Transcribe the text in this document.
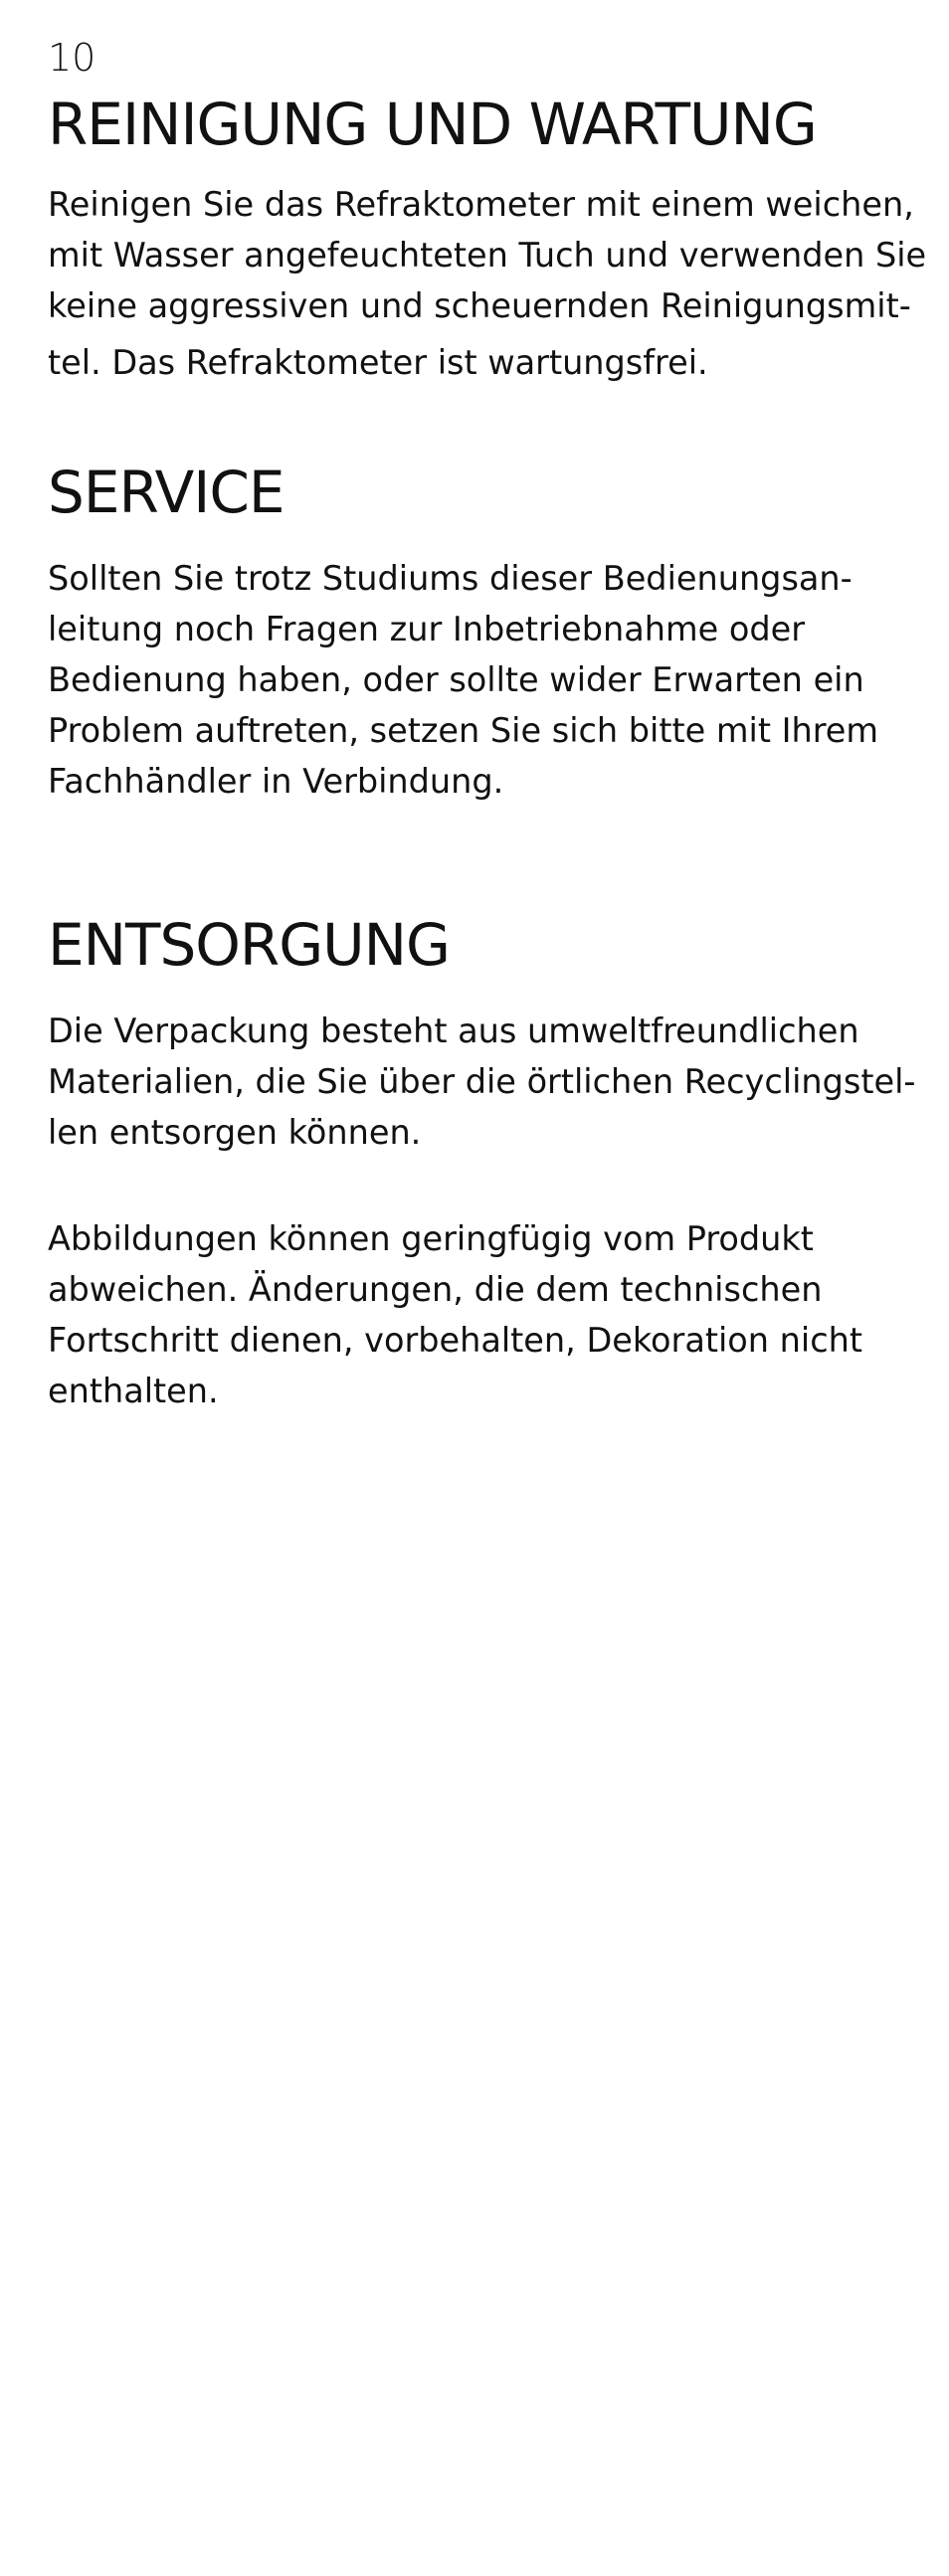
10

REINIGUNG UND WARTUNG

Reinigen Sie das Refraktometer mit einem weichen,
mit Wasser angefeuchteten Tuch und verwenden Sie
keine aggressiven und scheuernden Reinigungsmit-
tel. Das Refraktometer ist wartungsfrei.

SERVICE

Sollten Sie trotz Studiums dieser Bedienungsan-
leitung noch Fragen zur Inbetriebnahme oder
Bedienung haben, oder sollte wider Erwarten ein
Problem auftreten, setzen Sie sich bitte mit Ihrem
Fachhändler in Verbindung.

ENTSORGUNG

Die Verpackung besteht aus umweltfreundlichen
Materialien, die Sie über die örtlichen Recyclingstel-
len entsorgen können.

Abbildungen können geringfügig vom Produkt
abweichen. Änderungen, die dem technischen
Fortschritt dienen, vorbehalten, Dekoration nicht
enthalten.
